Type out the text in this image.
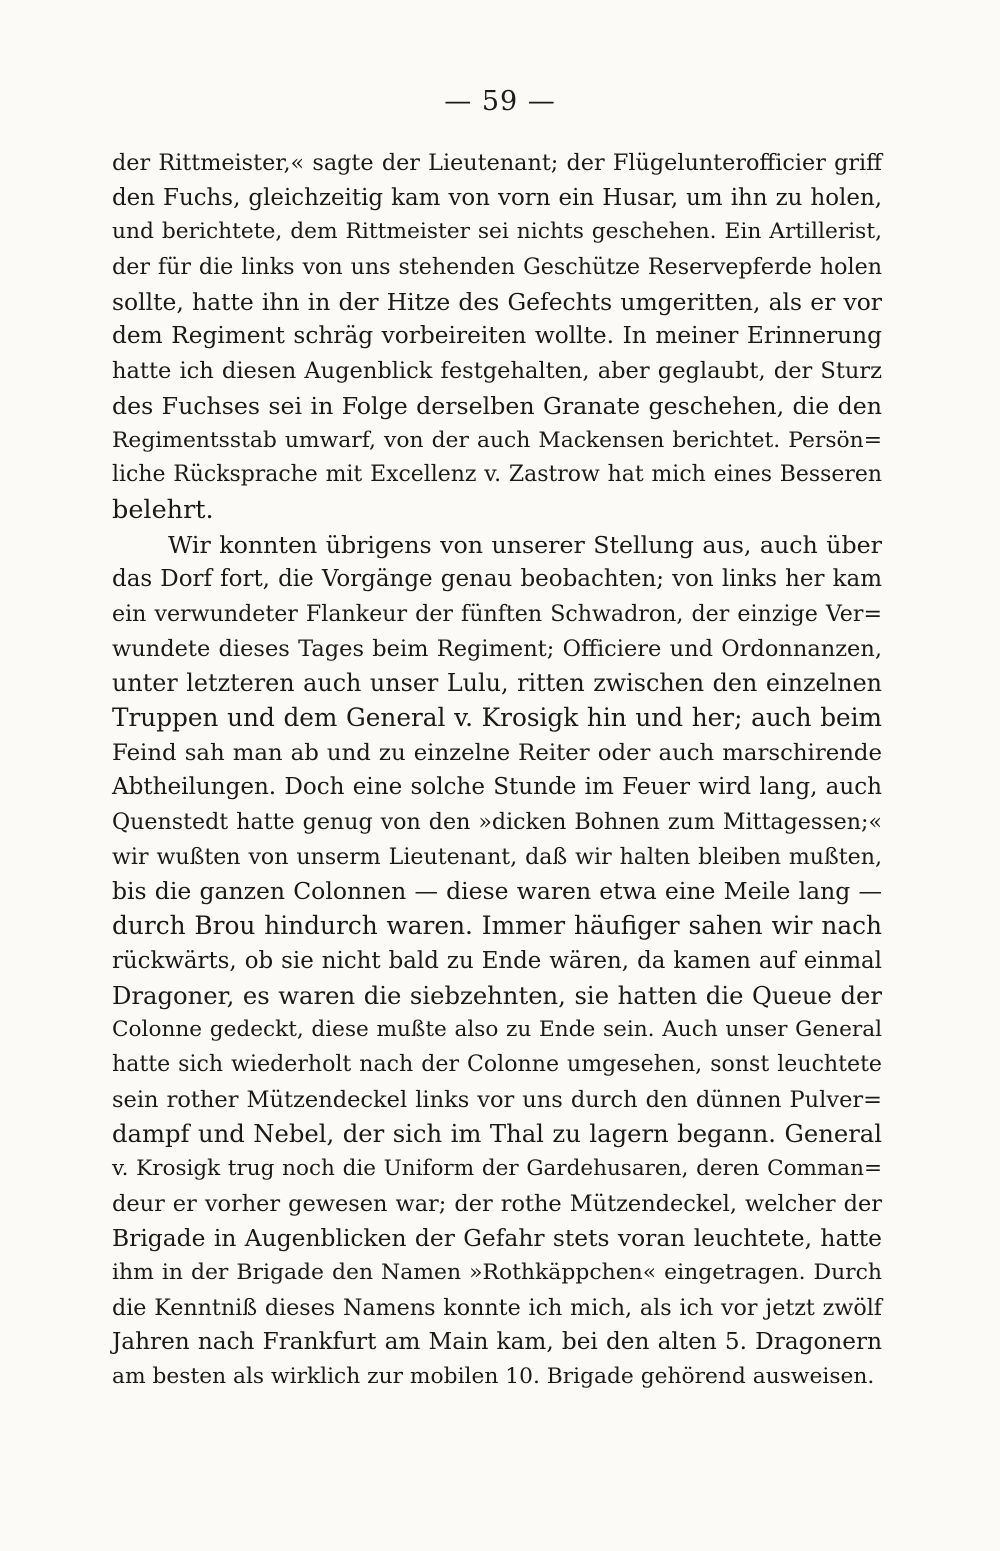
— 59 —
der Rittmeister,« sagte der Lieutenant; der Flügelunterofficier griff
den Fuchs, gleichzeitig kam von vorn ein Husar, um ihn zu holen,
und berichtete, dem Rittmeister sei nichts geschehen. Ein Artillerist,
der für die links von uns stehenden Geschütze Reservepferde holen
sollte, hatte ihn in der Hitze des Gefechts umgeritten, als er vor
dem Regiment schräg vorbeireiten wollte. In meiner Erinnerung
hatte ich diesen Augenblick festgehalten, aber geglaubt, der Sturz
des Fuchses sei in Folge derselben Granate geschehen, die den
Regimentsstab umwarf, von der auch Mackensen berichtet. Persön=
liche Rücksprache mit Excellenz v. Zastrow hat mich eines Besseren
belehrt.
Wir konnten übrigens von unserer Stellung aus, auch über
das Dorf fort, die Vorgänge genau beobachten; von links her kam
ein verwundeter Flankeur der fünften Schwadron, der einzige Ver=
wundete dieses Tages beim Regiment; Officiere und Ordonnanzen,
unter letzteren auch unser Lulu, ritten zwischen den einzelnen
Truppen und dem General v. Krosigk hin und her; auch beim
Feind sah man ab und zu einzelne Reiter oder auch marschirende
Abtheilungen. Doch eine solche Stunde im Feuer wird lang, auch
Quenstedt hatte genug von den »dicken Bohnen zum Mittagessen;«
wir wußten von unserm Lieutenant, daß wir halten bleiben mußten,
bis die ganzen Colonnen — diese waren etwa eine Meile lang —
durch Brou hindurch waren. Immer häufiger sahen wir nach
rückwärts, ob sie nicht bald zu Ende wären, da kamen auf einmal
Dragoner, es waren die siebzehnten, sie hatten die Queue der
Colonne gedeckt, diese mußte also zu Ende sein. Auch unser General
hatte sich wiederholt nach der Colonne umgesehen, sonst leuchtete
sein rother Mützendeckel links vor uns durch den dünnen Pulver=
dampf und Nebel, der sich im Thal zu lagern begann. General
v. Krosigk trug noch die Uniform der Gardehusaren, deren Comman=
deur er vorher gewesen war; der rothe Mützendeckel, welcher der
Brigade in Augenblicken der Gefahr stets voran leuchtete, hatte
ihm in der Brigade den Namen »Rothkäppchen« eingetragen. Durch
die Kenntniß dieses Namens konnte ich mich, als ich vor jetzt zwölf
Jahren nach Frankfurt am Main kam, bei den alten 5. Dragonern
am besten als wirklich zur mobilen 10. Brigade gehörend ausweisen.
